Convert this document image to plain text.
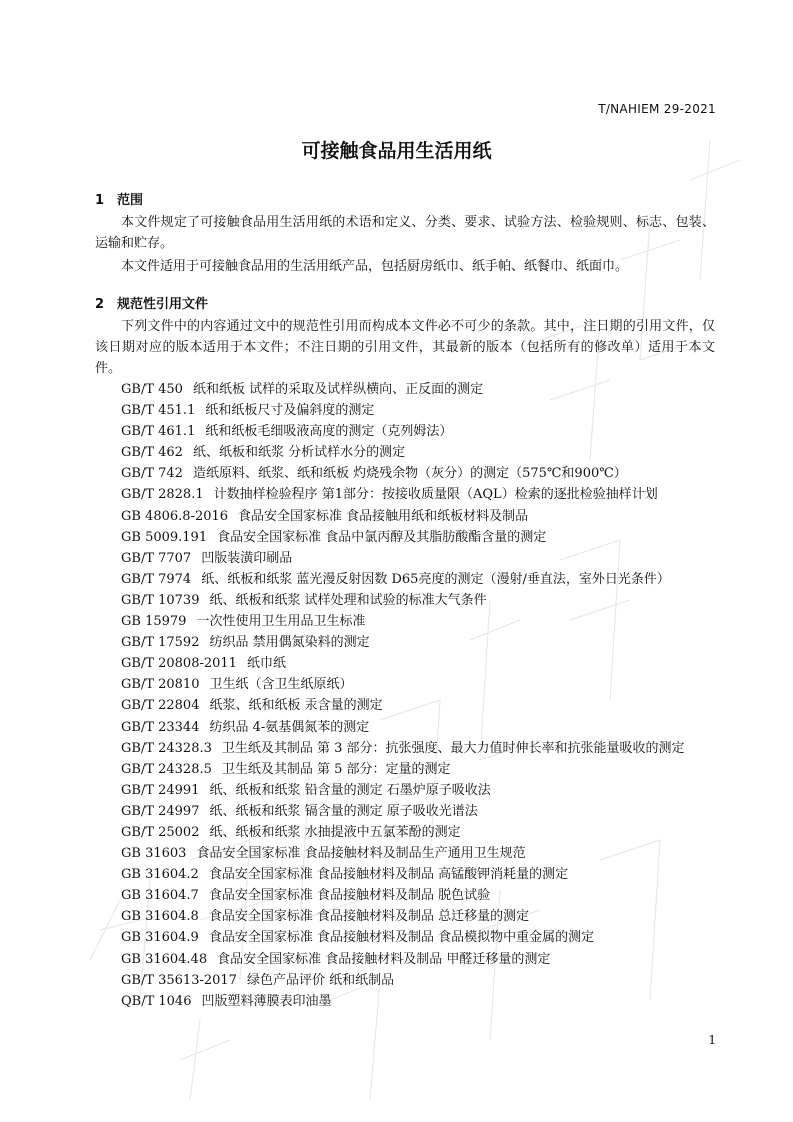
T/NAHIEM 29-2021
可接触食品用生活用纸
1 范围

本文件规定了可接触食品用生活用纸的术语和定义、分类、要求、试验方法、检验规则、标志、包装、运输和贮存。

本文件适用于可接触食品用的生活用纸产品，包括厨房纸巾、纸手帕、纸餐巾、纸面巾。

2 规范性引用文件

下列文件中的内容通过文中的规范性引用而构成本文件必不可少的条款。其中，注日期的引用文件，仅该日期对应的版本适用于本文件；不注日期的引用文件，其最新的版本（包括所有的修改单）适用于本文件。

GB/T 450 纸和纸板 试样的采取及试样纵横向、正反面的测定
GB/T 451.1 纸和纸板尺寸及偏斜度的测定
GB/T 461.1 纸和纸板毛细吸液高度的测定（克列姆法）
GB/T 462 纸、纸板和纸浆 分析试样水分的测定
GB/T 742 造纸原料、纸浆、纸和纸板 灼烧残余物（灰分）的测定（575℃和900℃）
GB/T 2828.1 计数抽样检验程序 第1部分：按接收质量限（AQL）检索的逐批检验抽样计划
GB 4806.8-2016 食品安全国家标准 食品接触用纸和纸板材料及制品
GB 5009.191 食品安全国家标准 食品中氯丙醇及其脂肪酸酯含量的测定
GB/T 7707 凹版装潢印刷品
GB/T 7974 纸、纸板和纸浆 蓝光漫反射因数 D65亮度的测定（漫射/垂直法，室外日光条件）
GB/T 10739 纸、纸板和纸浆 试样处理和试验的标准大气条件
GB 15979 一次性使用卫生用品卫生标准
GB/T 17592 纺织品 禁用偶氮染料的测定
GB/T 20808-2011 纸巾纸
GB/T 20810 卫生纸（含卫生纸原纸）
GB/T 22804 纸浆、纸和纸板 汞含量的测定
GB/T 23344 纺织品 4-氨基偶氮苯的测定
GB/T 24328.3 卫生纸及其制品 第 3 部分：抗张强度、最大力值时伸长率和抗张能量吸收的测定
GB/T 24328.5 卫生纸及其制品 第 5 部分：定量的测定
GB/T 24991 纸、纸板和纸浆 铅含量的测定 石墨炉原子吸收法
GB/T 24997 纸、纸板和纸浆 镉含量的测定 原子吸收光谱法
GB/T 25002 纸、纸板和纸浆 水抽提液中五氯苯酚的测定
GB 31603 食品安全国家标准 食品接触材料及制品生产通用卫生规范
GB 31604.2 食品安全国家标准 食品接触材料及制品 高锰酸钾消耗量的测定
GB 31604.7 食品安全国家标准 食品接触材料及制品 脱色试验
GB 31604.8 食品安全国家标准 食品接触材料及制品 总迁移量的测定
GB 31604.9 食品安全国家标准 食品接触材料及制品 食品模拟物中重金属的测定
GB 31604.48 食品安全国家标准 食品接触材料及制品 甲醛迁移量的测定
GB/T 35613-2017 绿色产品评价 纸和纸制品
QB/T 1046 凹版塑料薄膜表印油墨
1
